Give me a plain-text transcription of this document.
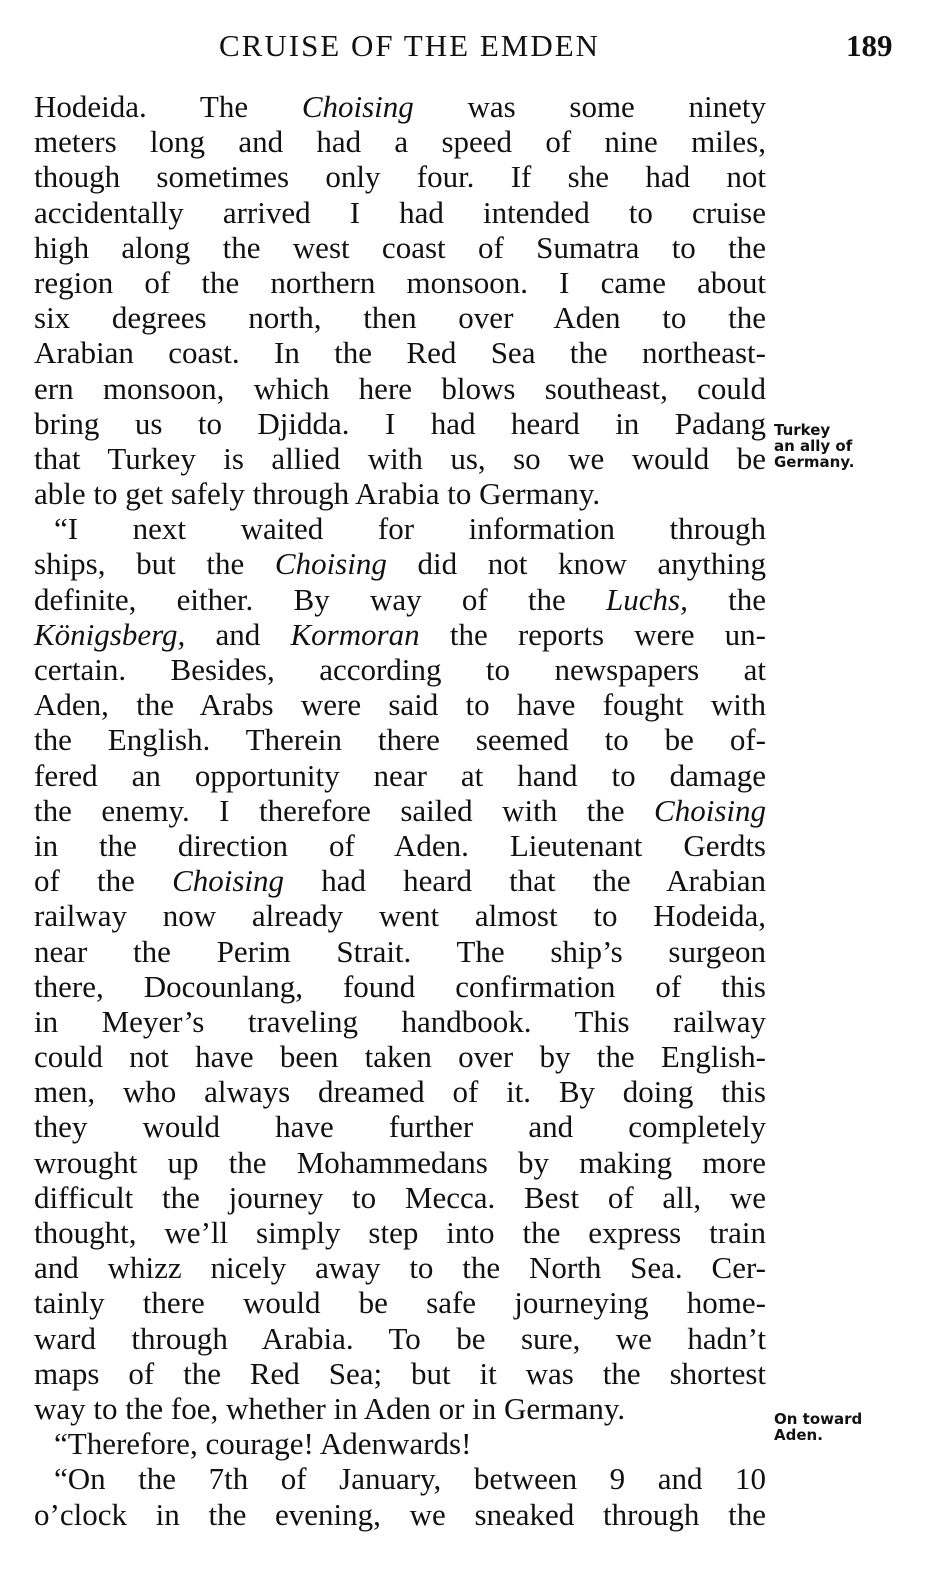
CRUISE OF THE EMDEN	189
Hodeida. The Choising was some ninety
meters long and had a speed of nine miles,
though sometimes only four. If she had not
accidentally arrived I had intended to cruise
high along the west coast of Sumatra to the
region of the northern monsoon. I came about
six degrees north, then over Aden to the
Arabian coast. In the Red Sea the northeast-
ern monsoon, which here blows southeast, could
bring us to Djidda. I had heard in Padang
that Turkey is allied with us, so we would be
able to get safely through Arabia to Germany.
“I next waited for information through
ships, but the Choising did not know anything
definite, either. By way of the Luchs, the
Königsberg, and Kormoran the reports were un-
certain. Besides, according to newspapers at
Aden, the Arabs were said to have fought with
the English. Therein there seemed to be of-
fered an opportunity near at hand to damage
the enemy. I therefore sailed with the Choising
in the direction of Aden. Lieutenant Gerdts
of the Choising had heard that the Arabian
railway now already went almost to Hodeida,
near the Perim Strait. The ship’s surgeon
there, Docounlang, found confirmation of this
in Meyer’s traveling handbook. This railway
could not have been taken over by the English-
men, who always dreamed of it. By doing this
they would have further and completely
wrought up the Mohammedans by making more
difficult the journey to Mecca. Best of all, we
thought, we’ll simply step into the express train
and whizz nicely away to the North Sea. Cer-
tainly there would be safe journeying home-
ward through Arabia. To be sure, we hadn’t
maps of the Red Sea; but it was the shortest
way to the foe, whether in Aden or in Germany.
“Therefore, courage! Adenwards!
“On the 7th of January, between 9 and 10
o’clock in the evening, we sneaked through the
Turkey
an ally of
Germany.
On toward
Aden.
